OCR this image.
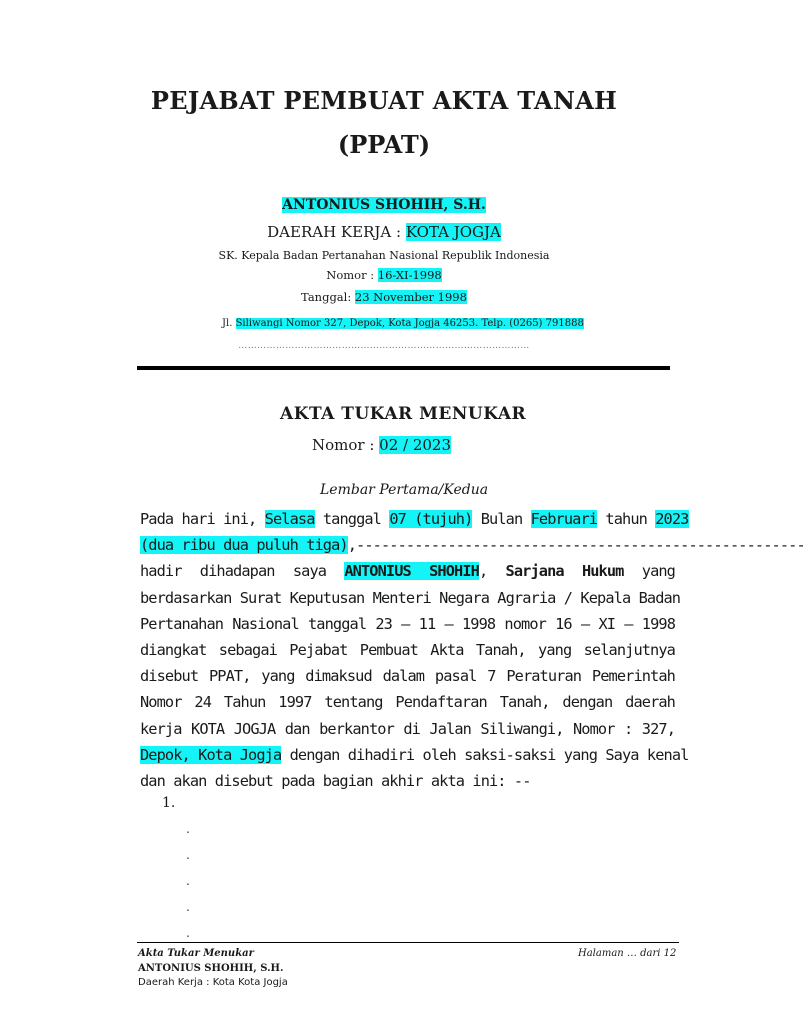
PEJABAT PEMBUAT AKTA TANAH
(PPAT)
ANTONIUS SHOHIH, S.H.
DAERAH KERJA : KOTA JOGJA
SK. Kepala Badan Pertanahan Nasional Republik Indonesia
Nomor : 16-XI-1998
Tanggal: 23 November 1998
Jl. Siliwangi Nomor 327, Depok, Kota Jogja 46253. Telp. (0265) 791888
…………………………………………………………………………………
AKTA TUKAR MENUKAR
Nomor : 02 / 2023
Lembar Pertama/Kedua
Pada hari ini, Selasa tanggal 07 (tujuh) Bulan Februari tahun 2023
(dua ribu dua puluh tiga),------------------------------------------------------
hadir dihadapan saya ANTONIUS SHOHIH, Sarjana Hukum yang
berdasarkan Surat Keputusan Menteri Negara Agraria / Kepala Badan
Pertanahan Nasional tanggal 23 – 11 – 1998 nomor 16 – XI – 1998
diangkat sebagai Pejabat Pembuat Akta Tanah, yang selanjutnya
disebut PPAT, yang dimaksud dalam pasal 7 Peraturan Pemerintah
Nomor 24 Tahun 1997 tentang Pendaftaran Tanah, dengan daerah
kerja KOTA JOGJA dan berkantor di Jalan Siliwangi, Nomor : 327,
Depok, Kota Jogja dengan dihadiri oleh saksi-saksi yang Saya kenal
dan akan disebut pada bagian akhir akta ini: --
1.
.
.
.
.
.
Akta Tukar Menukar
ANTONIUS SHOHIH, S.H.
Daerah Kerja : Kota Kota Jogja
Halaman … dari 12
